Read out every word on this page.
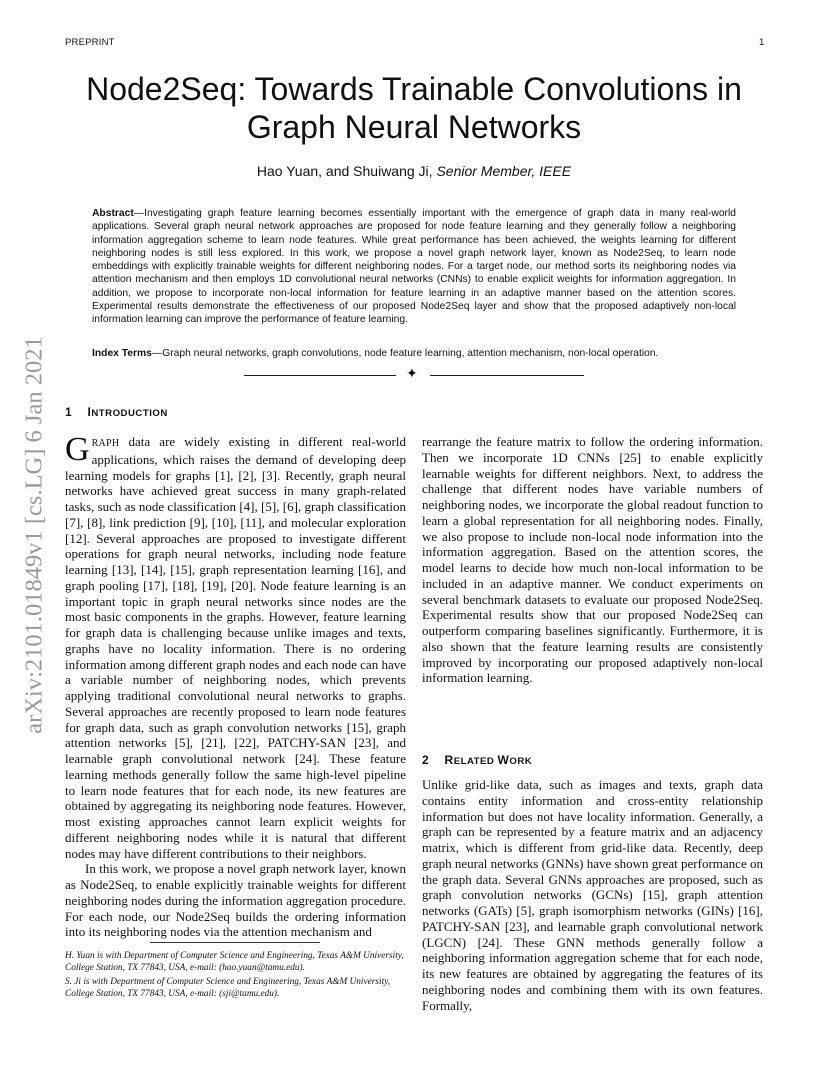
PREPRINT	1
arXiv:2101.01849v1 [cs.LG] 6 Jan 2021
Node2Seq: Towards Trainable Convolutions in Graph Neural Networks
Hao Yuan, and Shuiwang Ji, Senior Member, IEEE
Abstract—Investigating graph feature learning becomes essentially important with the emergence of graph data in many real-world applications. Several graph neural network approaches are proposed for node feature learning and they generally follow a neighboring information aggregation scheme to learn node features. While great performance has been achieved, the weights learning for different neighboring nodes is still less explored. In this work, we propose a novel graph network layer, known as Node2Seq, to learn node embeddings with explicitly trainable weights for different neighboring nodes. For a target node, our method sorts its neighboring nodes via attention mechanism and then employs 1D convolutional neural networks (CNNs) to enable explicit weights for information aggregation. In addition, we propose to incorporate non-local information for feature learning in an adaptive manner based on the attention scores. Experimental results demonstrate the effectiveness of our proposed Node2Seq layer and show that the proposed adaptively non-local information learning can improve the performance of feature learning.
Index Terms—Graph neural networks, graph convolutions, node feature learning, attention mechanism, non-local operation.
✦
1 INTRODUCTION
GRAPH data are widely existing in different real-world applications, which raises the demand of developing deep learning models for graphs [1], [2], [3]. Recently, graph neural networks have achieved great success in many graph-related tasks, such as node classification [4], [5], [6], graph classification [7], [8], link prediction [9], [10], [11], and molecular exploration [12]. Several approaches are proposed to investigate different operations for graph neural networks, including node feature learning [13], [14], [15], graph representation learning [16], and graph pooling [17], [18], [19], [20]. Node feature learning is an important topic in graph neural networks since nodes are the most basic components in the graphs. However, feature learning for graph data is challenging because unlike images and texts, graphs have no locality information. There is no ordering information among different graph nodes and each node can have a variable number of neighboring nodes, which prevents applying traditional convolutional neural networks to graphs. Several approaches are recently proposed to learn node features for graph data, such as graph convolution networks [15], graph attention networks [5], [21], [22], PATCHY-SAN [23], and learnable graph convolutional network [24]. These feature learning methods generally follow the same high-level pipeline to learn node features that for each node, its new features are obtained by aggregating its neighboring node features. However, most existing approaches cannot learn explicit weights for different neighboring nodes while it is natural that different nodes may have different contributions to their neighbors.
In this work, we propose a novel graph network layer, known as Node2Seq, to enable explicitly trainable weights for different neighboring nodes during the information aggregation procedure. For each node, our Node2Seq builds the ordering information into its neighboring nodes via the attention mechanism and
rearrange the feature matrix to follow the ordering information. Then we incorporate 1D CNNs [25] to enable explicitly learnable weights for different neighbors. Next, to address the challenge that different nodes have variable numbers of neighboring nodes, we incorporate the global readout function to learn a global representation for all neighboring nodes. Finally, we also propose to include non-local node information into the information aggregation. Based on the attention scores, the model learns to decide how much non-local information to be included in an adaptive manner. We conduct experiments on several benchmark datasets to evaluate our proposed Node2Seq. Experimental results show that our proposed Node2Seq can outperform comparing baselines significantly. Furthermore, it is also shown that the feature learning results are consistently improved by incorporating our proposed adaptively non-local information learning.
2 RELATED WORK
Unlike grid-like data, such as images and texts, graph data contains entity information and cross-entity relationship information but does not have locality information. Generally, a graph can be represented by a feature matrix and an adjacency matrix, which is different from grid-like data. Recently, deep graph neural networks (GNNs) have shown great performance on the graph data. Several GNNs approaches are proposed, such as graph convolution networks (GCNs) [15], graph attention networks (GATs) [5], graph isomorphism networks (GINs) [16], PATCHY-SAN [23], and learnable graph convolutional network (LGCN) [24]. These GNN methods generally follow a neighboring information aggregation scheme that for each node, its new features are obtained by aggregating the features of its neighboring nodes and combining them with its own features. Formally,

H. Yuan is with Department of Computer Science and Engineering, Texas A&M University, College Station, TX 77843, USA, e-mail: (hao.yuan@tamu.edu).

S. Ji is with Department of Computer Science and Engineering, Texas A&M University, College Station, TX 77843, USA, e-mail: (sji@tamu.edu).
